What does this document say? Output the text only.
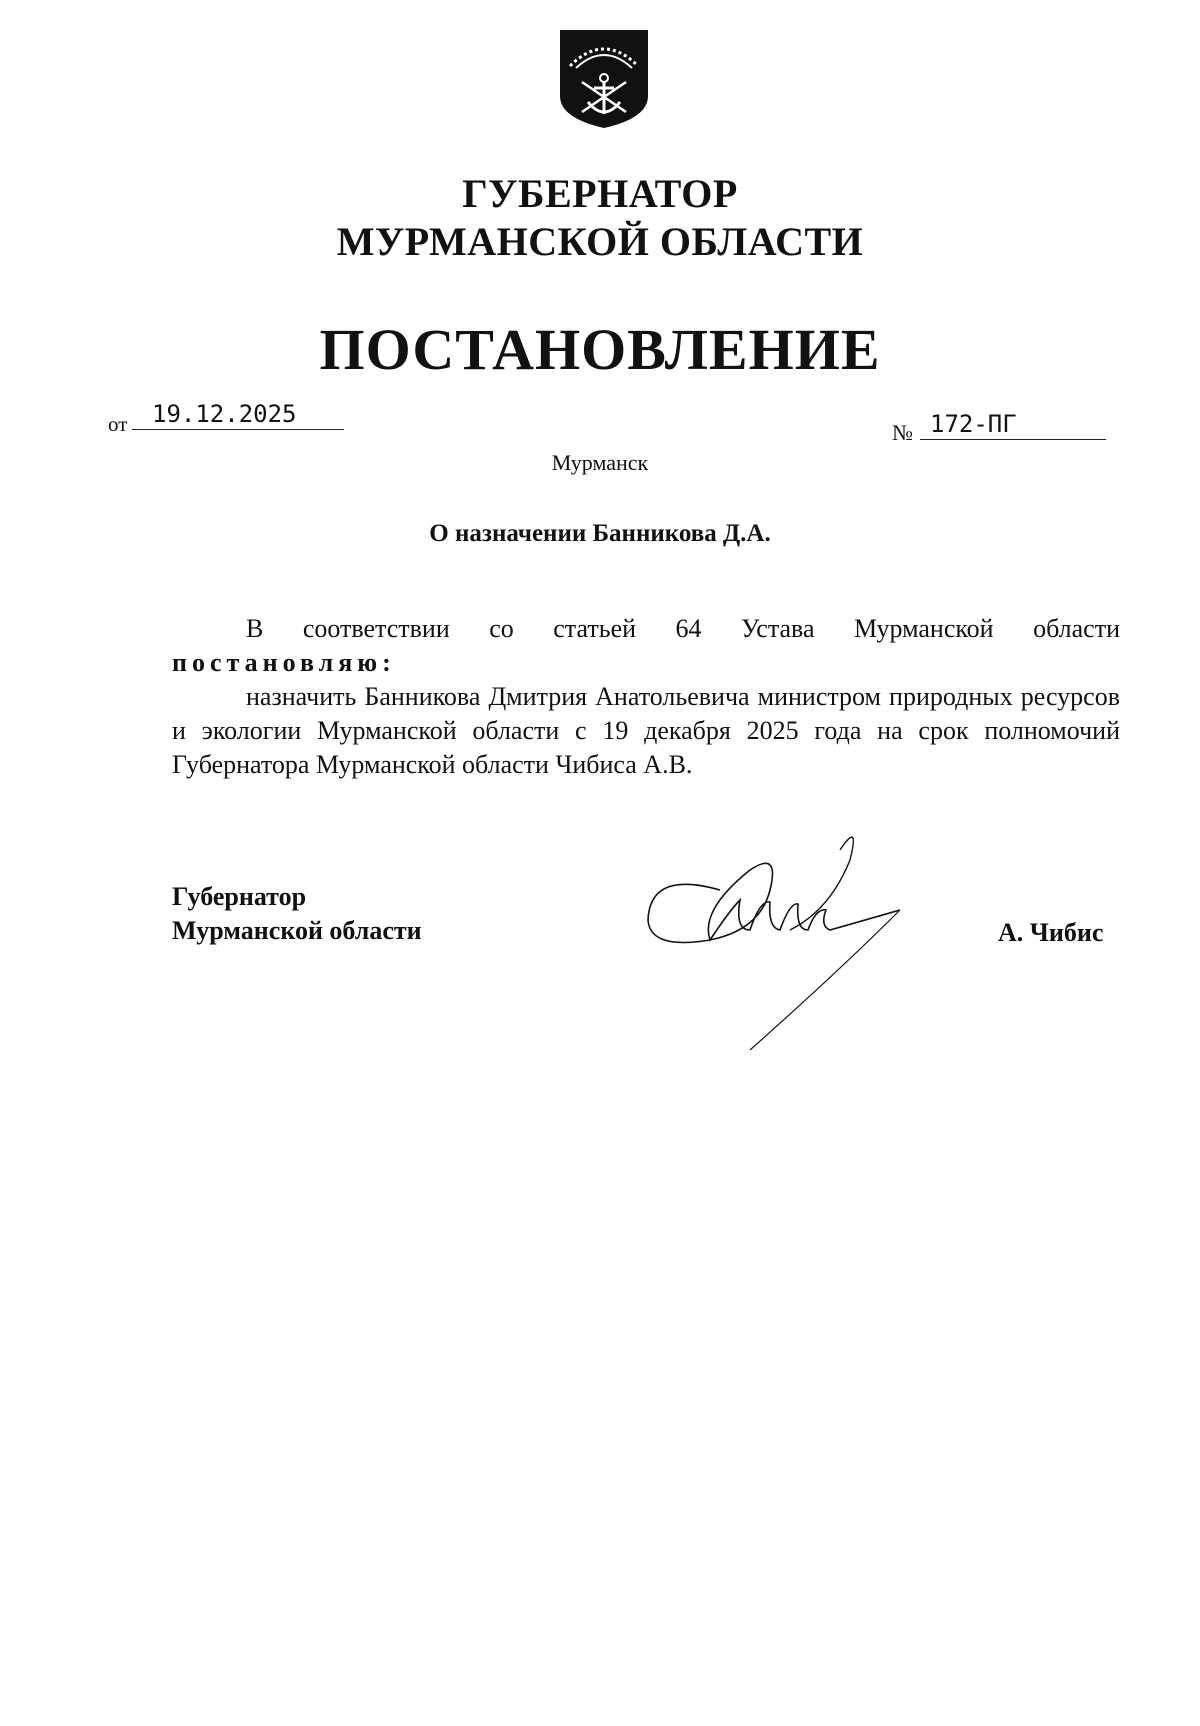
ГУБЕРНАТОР
МУРМАНСКОЙ ОБЛАСТИ
ПОСТАНОВЛЕНИЕ
от	19.12.2025
№ 172-ПГ
Мурманск
О назначении Банникова Д.А.

В соответствии со статьей 64 Устава Мурманской области

постановляю:

назначить Банникова Дмитрия Анатольевича министром природных ресурсов и экологии Мурманской области с 19 декабря 2025 года на срок полномочий Губернатора Мурманской области Чибиса А.В.

Губернатор
Мурманской области	А. Чибис
